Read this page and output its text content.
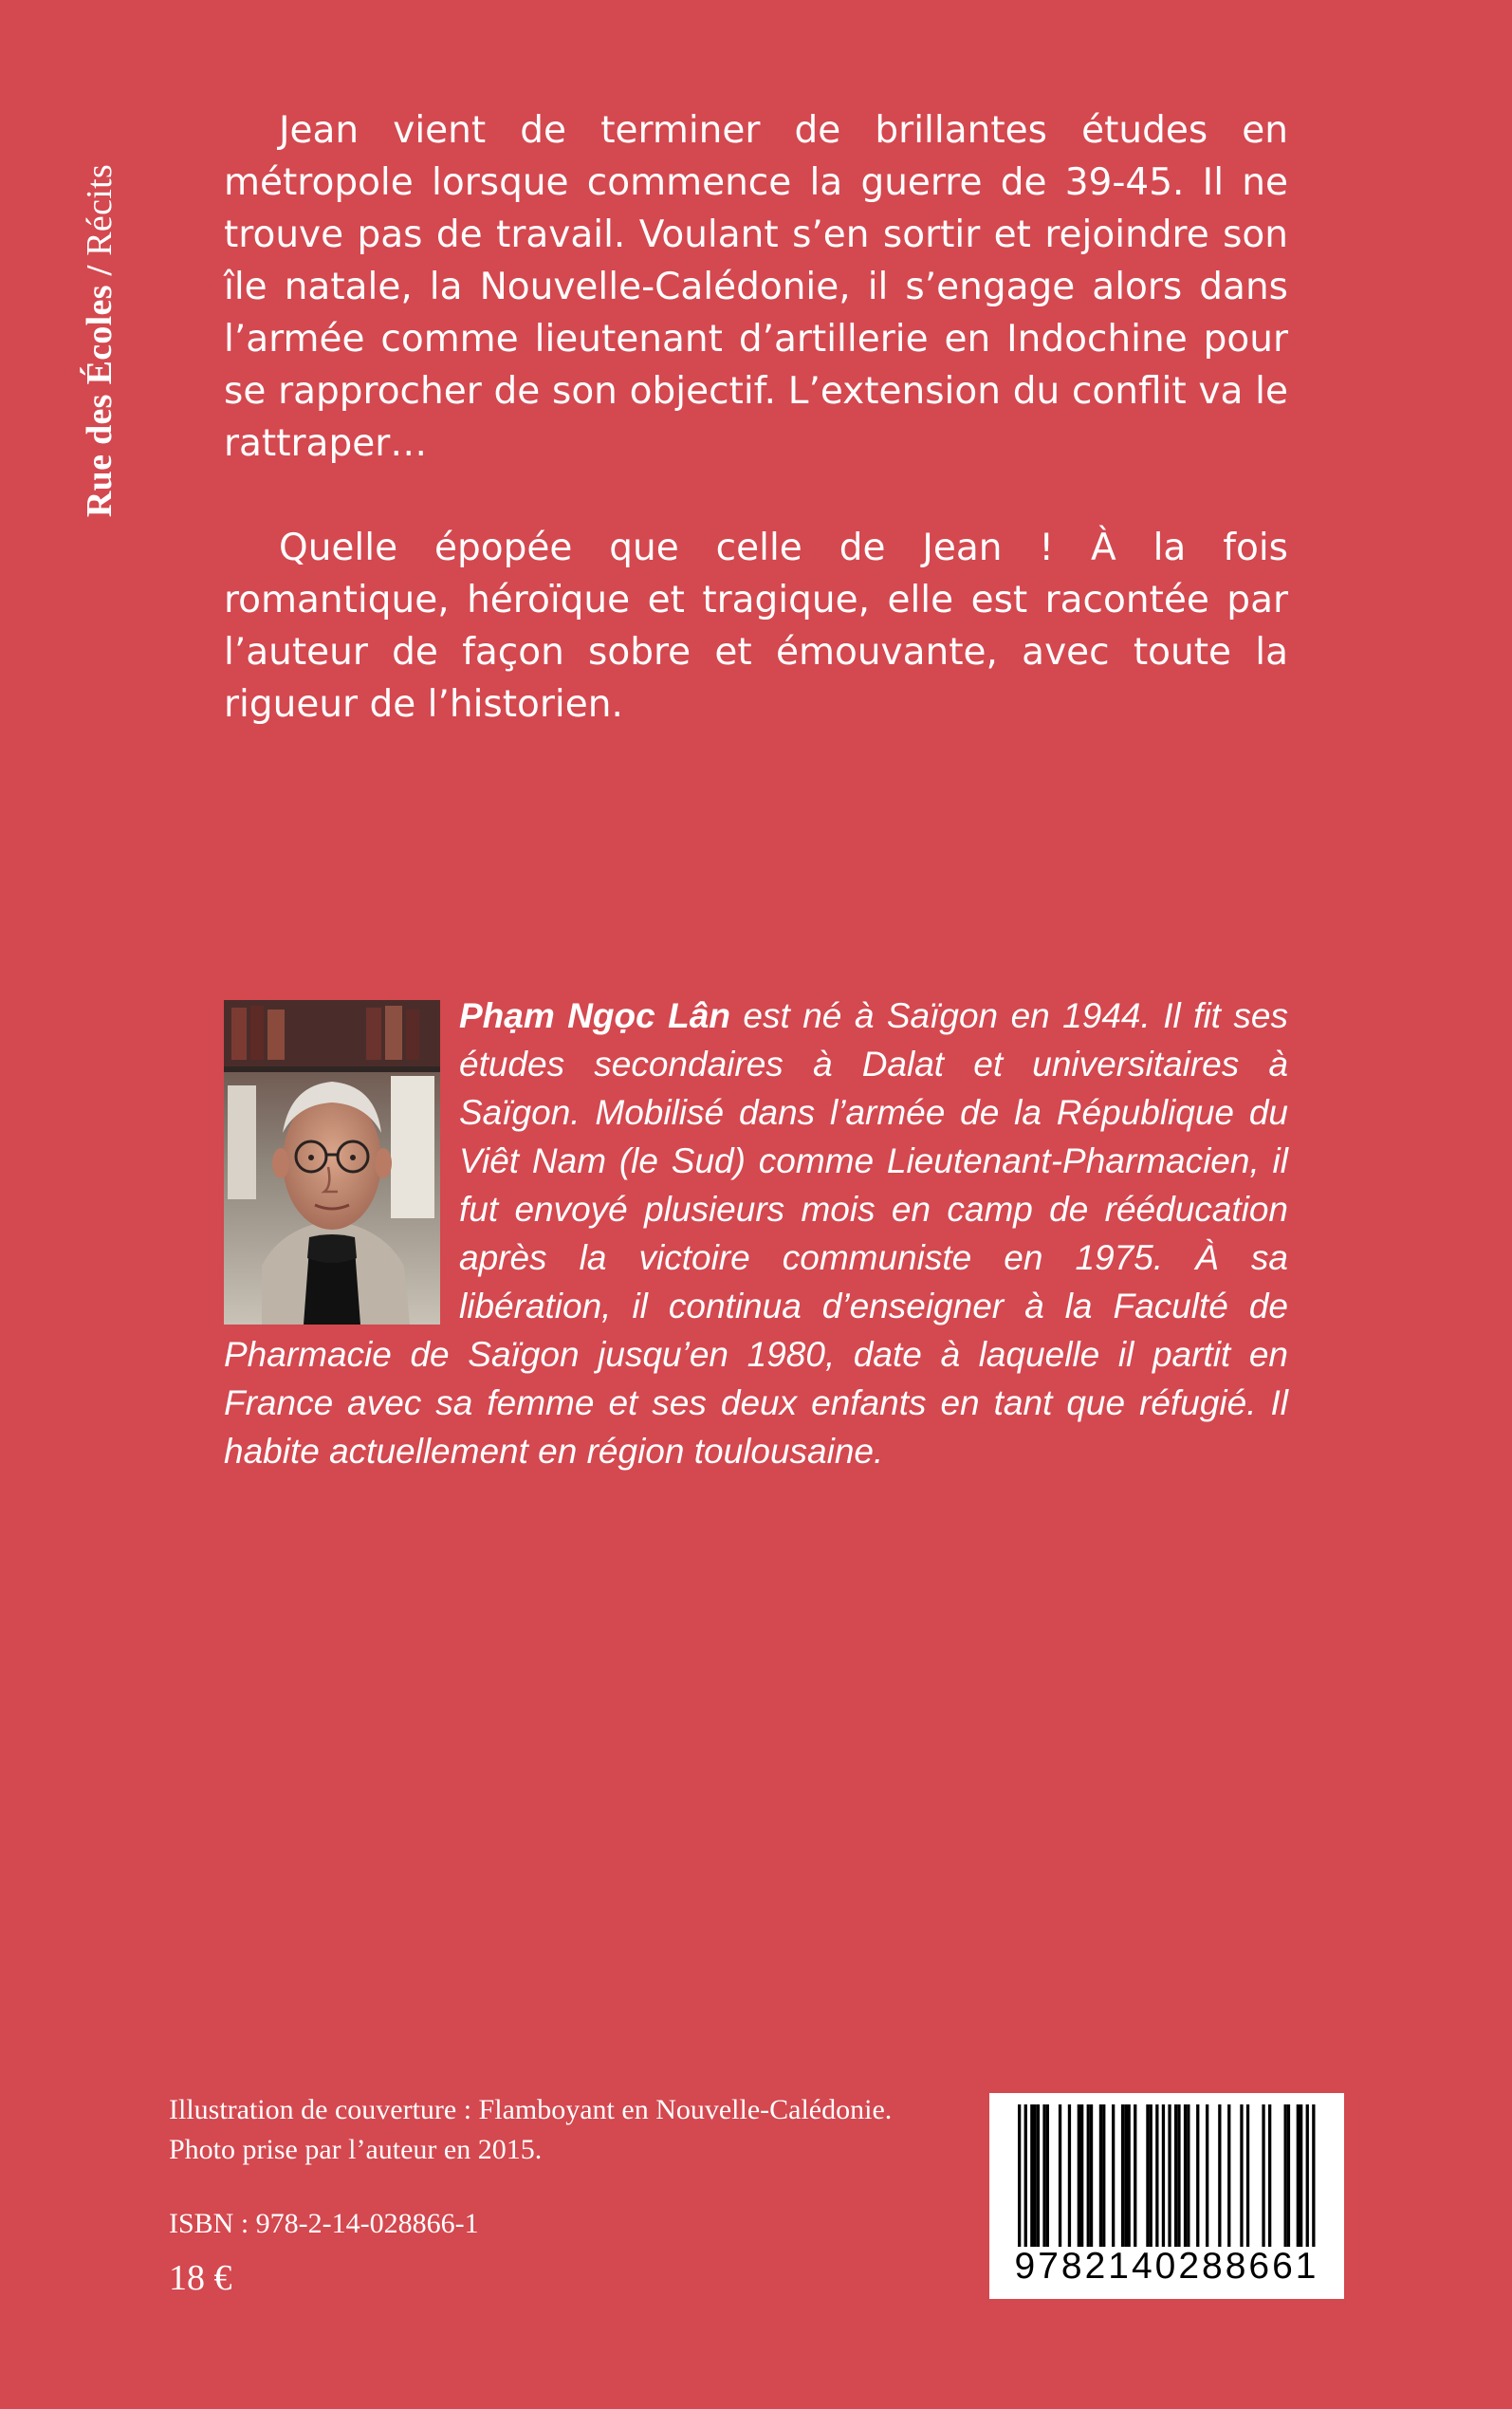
Rue des Écoles / Récits

Jean vient de terminer de brillantes études en métropole lorsque commence la guerre de 39-45. Il ne trouve pas de travail. Voulant s’en sortir et rejoindre son île natale, la Nouvelle-Calédonie, il s’engage alors dans l’armée comme lieutenant d’artillerie en Indochine pour se rapprocher de son objectif. L’extension du conflit va le rattraper…

Quelle épopée que celle de Jean ! À la fois romantique, héroïque et tragique, elle est racontée par l’auteur de façon sobre et émouvante, avec toute la rigueur de l’historien.

Phạm Ngọc Lân est né à Saïgon en 1944. Il fit ses études secondaires à Dalat et universitaires à Saïgon. Mobilisé dans l’armée de la République du Viêt Nam (le Sud) comme Lieutenant-Pharmacien, il fut envoyé plusieurs mois en camp de rééducation après la victoire communiste en 1975. À sa libération, il continua d’enseigner à la Faculté de Pharmacie de Saïgon jusqu’en 1980, date à laquelle il partit en France avec sa femme et ses deux enfants en tant que réfugié. Il habite actuellement en région toulousaine.
Illustration de couverture : Flamboyant en Nouvelle-Calédonie.
Photo prise par l’auteur en 2015.
ISBN : 978-2-14-028866-1
18 €	9782140288661
